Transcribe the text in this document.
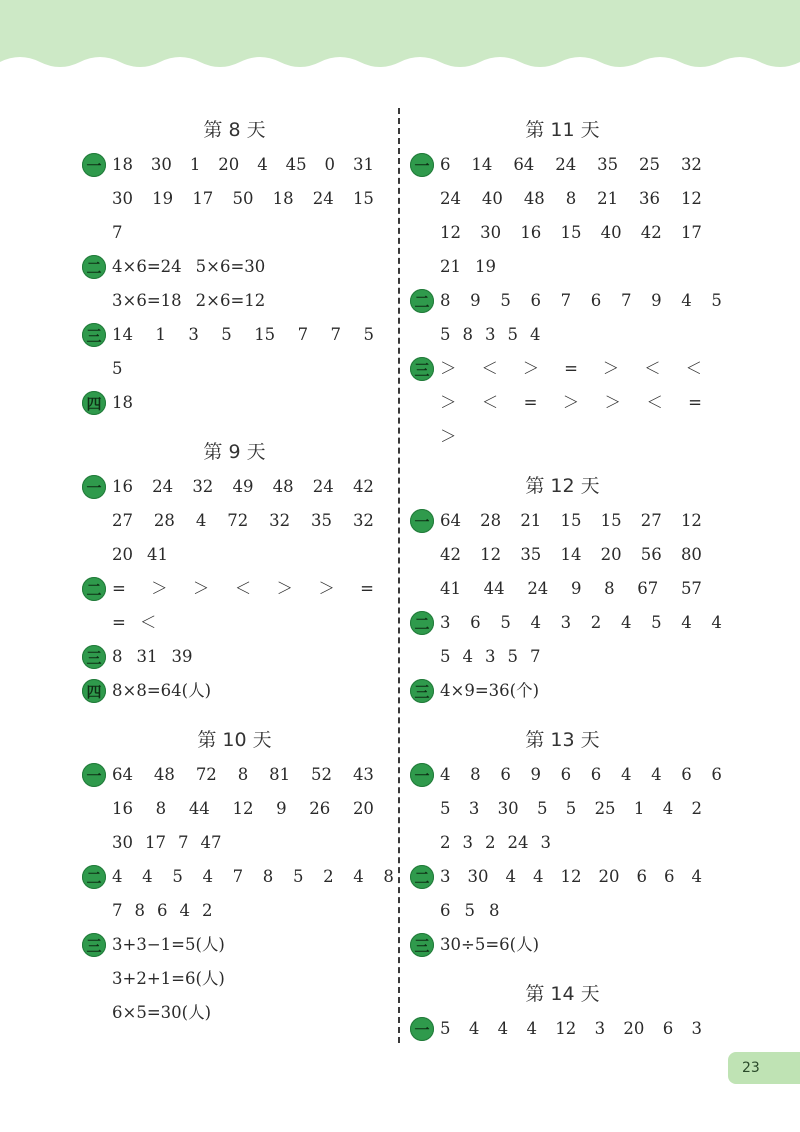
第 8 天
一 18 30 1 20 4 45 0 31
30 19 17 50 18 24 15
7
二 4×6=24 5×6=30
3×6=18 2×6=12
三 14 1 3 5 15 7 7 5
5
四 18
第 9 天
一 16 24 32 49 48 24 42
27 28 4 72 32 35 32
20 41
二 = ＞ ＞ ＜ ＞ ＞ =
= ＜
三 8 31 39
四 8×8=64(人)
第 10 天
一 64 48 72 8 81 52 43
16 8 44 12 9 26 20
30 17 7 47
二 4 4 5 4 7 8 5 2 4 8
7 8 6 4 2
三 3+3−1=5(人)
3+2+1=6(人)
6×5=30(人)
第 11 天
一 6 14 64 24 35 25 32
24 40 48 8 21 36 12
12 30 16 15 40 42 17
21 19
二 8 9 5 6 7 6 7 9 4 5
5 8 3 5 4
三 ＞ ＜ ＞ = ＞ ＜ ＜
＞ ＜ = ＞ ＞ ＜ =
＞
第 12 天
一 64 28 21 15 15 27 12
42 12 35 14 20 56 80
41 44 24 9 8 67 57
二 3 6 5 4 3 2 4 5 4 4
5 4 3 5 7
三 4×9=36(个)
第 13 天
一 4 8 6 9 6 6 4 4 6 6
5 3 30 5 5 25 1 4 2
2 3 2 24 3
二 3 30 4 4 12 20 6 6 4
6 5 8
三 30÷5=6(人)
第 14 天
一 5 4 4 4 12 3 20 6 3
23
